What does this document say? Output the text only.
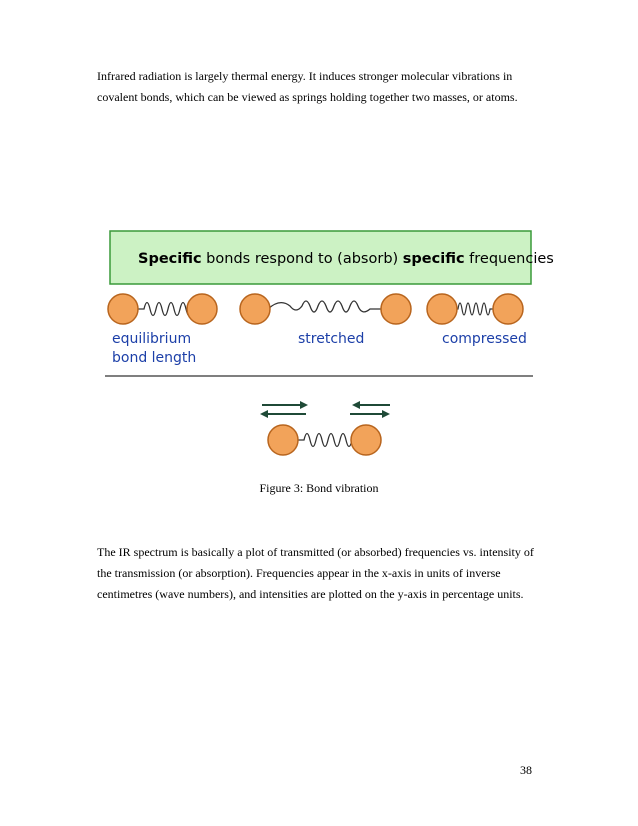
Infrared radiation is largely thermal energy. It induces stronger molecular vibrations in covalent bonds, which can be viewed as springs holding together two masses, or atoms.

Specific bonds respond to (absorb) specific frequencies
equilibrium
bond length
stretched	compressed
Figure 3: Bond vibration

The IR spectrum is basically a plot of transmitted (or absorbed) frequencies vs. intensity of the transmission (or absorption). Frequencies appear in the x-axis in units of inverse centimetres (wave numbers), and intensities are plotted on the y-axis in percentage units.

38
